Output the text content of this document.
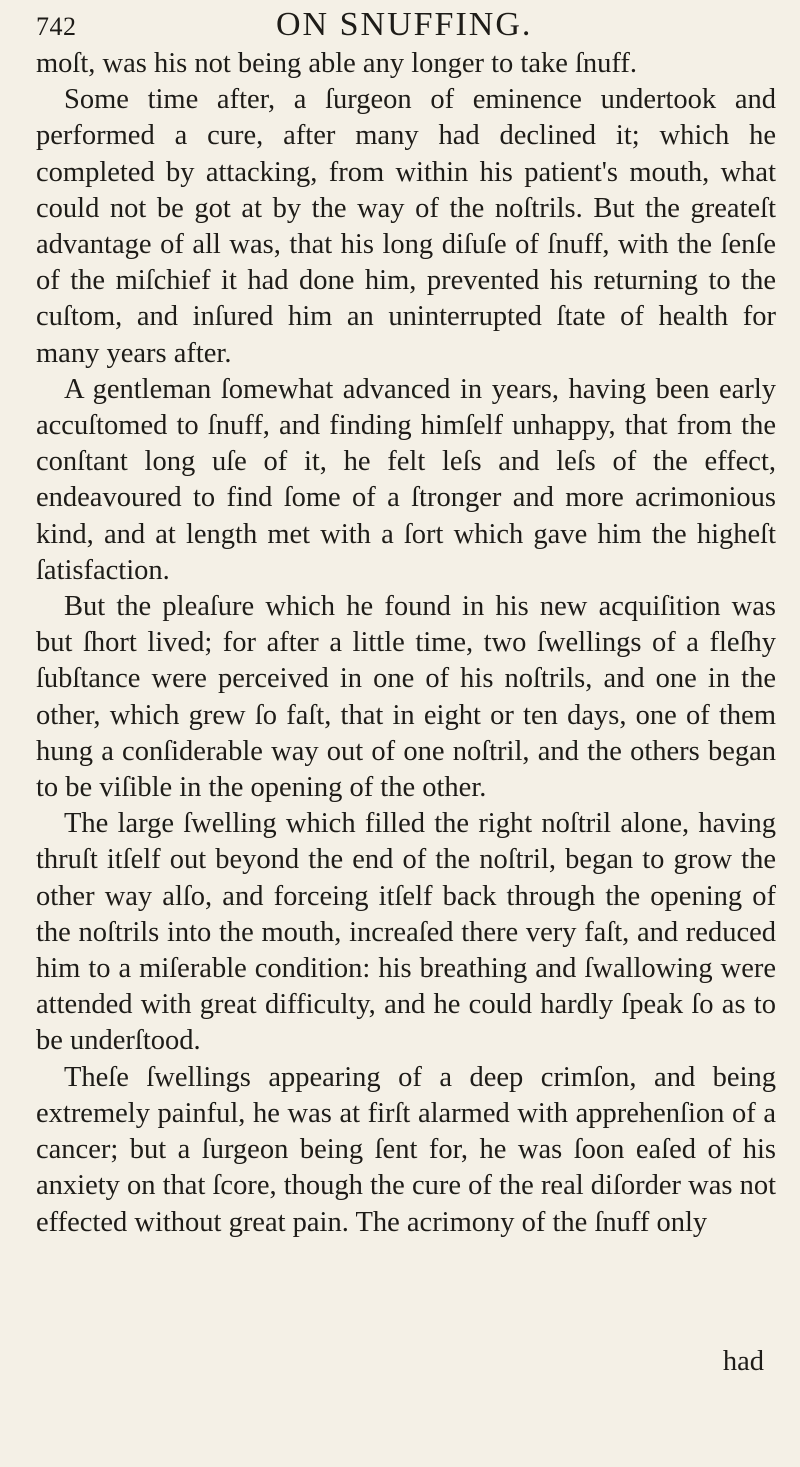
742	ON SNUFFING.

moſt, was his not being able any longer to take ſnuff.

Some time after, a ſurgeon of eminence undertook and performed a cure, after many had declined it; which he completed by attacking, from within his patient's mouth, what could not be got at by the way of the noſtrils. But the greateſt advantage of all was, that his long diſuſe of ſnuff, with the ſenſe of the miſchief it had done him, prevented his returning to the cuſtom, and inſured him an uninterrupted ſtate of health for many years after.

A gentleman ſomewhat advanced in years, having been early accuſtomed to ſnuff, and finding himſelf unhappy, that from the conſtant long uſe of it, he felt leſs and leſs of the effect, endeavoured to find ſome of a ſtronger and more acrimonious kind, and at length met with a ſort which gave him the higheſt ſatisfaction.

But the pleaſure which he found in his new acquiſition was but ſhort lived; for after a little time, two ſwellings of a fleſhy ſubſtance were perceived in one of his noſtrils, and one in the other, which grew ſo faſt, that in eight or ten days, one of them hung a conſiderable way out of one noſtril, and the others began to be viſible in the opening of the other.

The large ſwelling which filled the right noſtril alone, having thruſt itſelf out beyond the end of the noſtril, began to grow the other way alſo, and forceing itſelf back through the opening of the noſtrils into the mouth, increaſed there very faſt, and reduced him to a miſerable condition: his breathing and ſwallowing were attended with great difficulty, and he could hardly ſpeak ſo as to be underſtood.

Theſe ſwellings appearing of a deep crimſon, and being extremely painful, he was at firſt alarmed with apprehenſion of a cancer; but a ſurgeon being ſent for, he was ſoon eaſed of his anxiety on that ſcore, though the cure of the real diſorder was not effected without great pain. The acrimony of the ſnuff only

had
